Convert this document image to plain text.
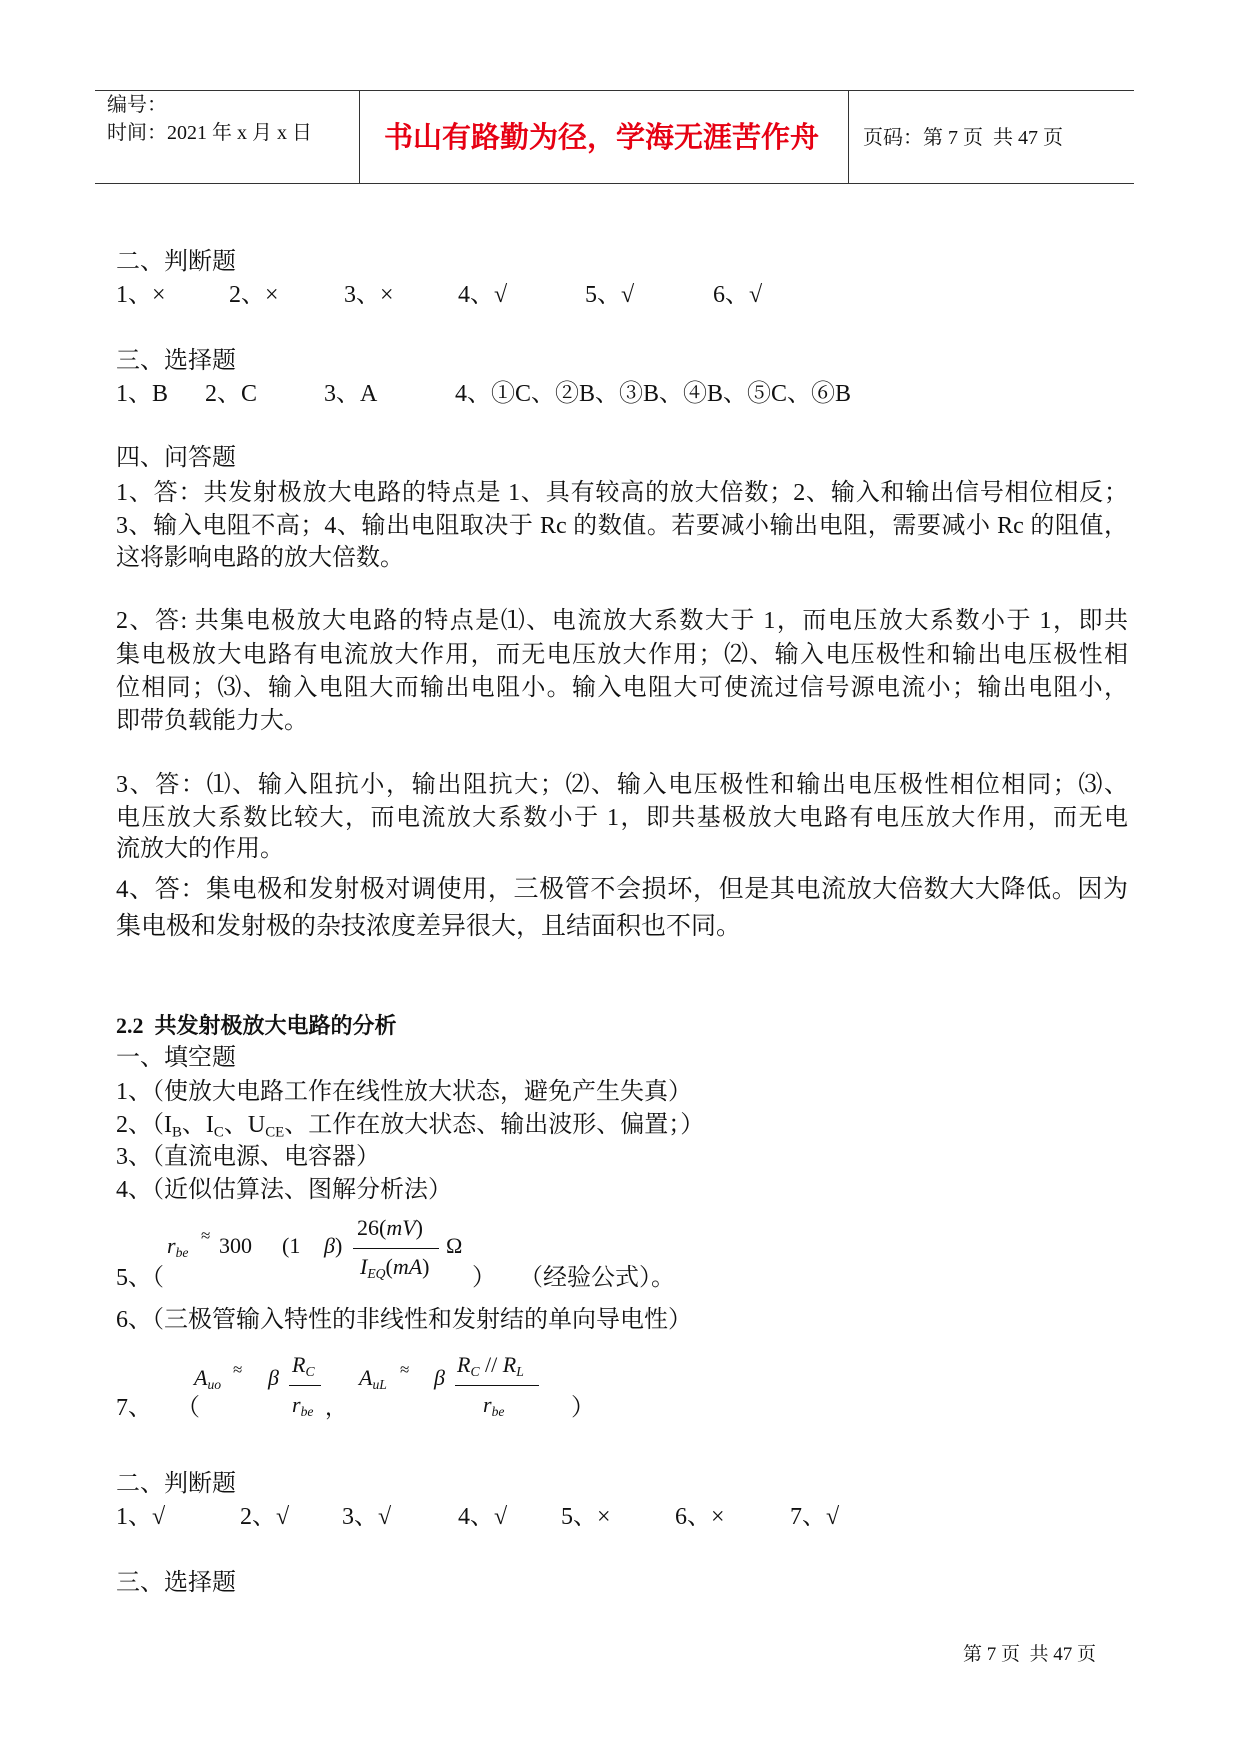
编号：
时间：2021 年 x 月 x 日 书山有路勤为径，学海无涯苦作舟 页码：第 7 页  共 47 页
二、判断题
1、×	2、×	3、×	4、√	5、√	6、√
三、选择题
1、B 2、C	3、A	4、①C、②B、③B、④B、⑤C、⑥B
四、问答题
1、答：共发射极放大电路的特点是 1、具有较高的放大倍数；2、输入和输出信号相位相反；
3、输入电阻不高；4、输出电阻取决于 Rc 的数值。若要减小输出电阻，需要减小 Rc 的阻值，
这将影响电路的放大倍数。
2、答: 共集电极放大电路的特点是⑴、电流放大系数大于 1，而电压放大系数小于 1，即共
集电极放大电路有电流放大作用，而无电压放大作用；⑵、输入电压极性和输出电压极性相
位相同；⑶、输入电阻大而输出电阻小。输入电阻大可使流过信号源电流小；输出电阻小，
即带负载能力大。
3、答：⑴、输入阻抗小，输出阻抗大；⑵、输入电压极性和输出电压极性相位相同；⑶、
电压放大系数比较大，而电流放大系数小于 1，即共基极放大电路有电压放大作用，而无电
流放大的作用。
4、答：集电极和发射极对调使用，三极管不会损坏，但是其电流放大倍数大大降低。因为
集电极和发射极的杂技浓度差异很大，且结面积也不同。
2.2  共发射极放大电路的分析
一、填空题
1、（使放大电路工作在线性放大状态，避免产生失真）
2、（$I_B$、$I_C$、$U_{CE}$、工作在放大状态、输出波形、偏置；）
3、（直流电源、电容器）
4、（近似估算法、图解分析法）
$r_{be}$
≈ 300 (1 β)
26(mV)
$I_{EQ}(mA)$
Ω
5、（	） （经验公式）。
6、（三极管输入特性的非线性和发射结的单向导电性）
7、 （
$A_{uo}$
≈ β
$R_C$
$r_{be}$ ，
$A_{uL}$
≈ β
$R_C // R_L$
$r_{be}$	）
二、判断题
1、√	2、√ 3、√	4、√ 5、×	6、×	7、√
三、选择题
第 7 页  共 47 页
